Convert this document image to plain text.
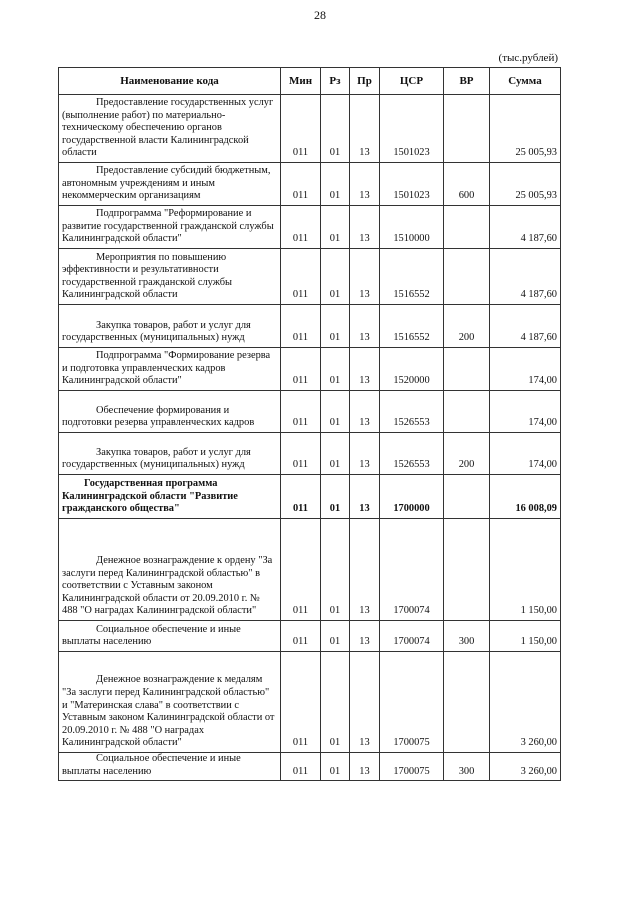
28
(тыс.рублей)
Наименование кода	Мин	Рз	Пр	ЦСР	ВР	Сумма
Предоставление государственных услуг (выполнение работ) по материально-техническому обеспечению органов государственной власти Калининградской области	011	01	13	1501023		25 005,93
Предоставление субсидий бюджетным, автономным учреждениям и иным некоммерческим организациям	011	01	13	1501023	600	25 005,93
Подпрограмма "Реформирование и развитие государственной гражданской службы Калининградской области"	011	01	13	1510000		4 187,60
Мероприятия по повышению эффективности и результативности государственной гражданской службы Калининградской области	011	01	13	1516552		4 187,60
Закупка товаров, работ и услуг для государственных (муниципальных) нужд	011	01	13	1516552	200	4 187,60
Подпрограмма "Формирование резерва и подготовка управленческих кадров Калининградской области"	011	01	13	1520000		174,00
Обеспечение формирования и подготовки резерва управленческих кадров	011	01	13	1526553		174,00
Закупка товаров, работ и услуг для государственных (муниципальных) нужд	011	01	13	1526553	200	174,00
Государственная программа Калининградской области "Развитие гражданского общества"	011	01	13	1700000		16 008,09
Денежное вознаграждение к ордену "За заслуги перед Калининградской областью" в соответствии с Уставным законом Калининградской области от 20.09.2010 г. № 488 "О наградах Калининградской области"	011	01	13	1700074		1 150,00
Социальное обеспечение и иные выплаты населению	011	01	13	1700074	300	1 150,00
Денежное вознаграждение к медалям "За заслуги перед Калининградской областью" и "Материнская слава" в соответствии с Уставным законом Калининградской области от 20.09.2010 г. № 488 "О наградах Калининградской области"	011	01	13	1700075		3 260,00
Социальное обеспечение и иные выплаты населению	011	01	13	1700075	300	3 260,00
